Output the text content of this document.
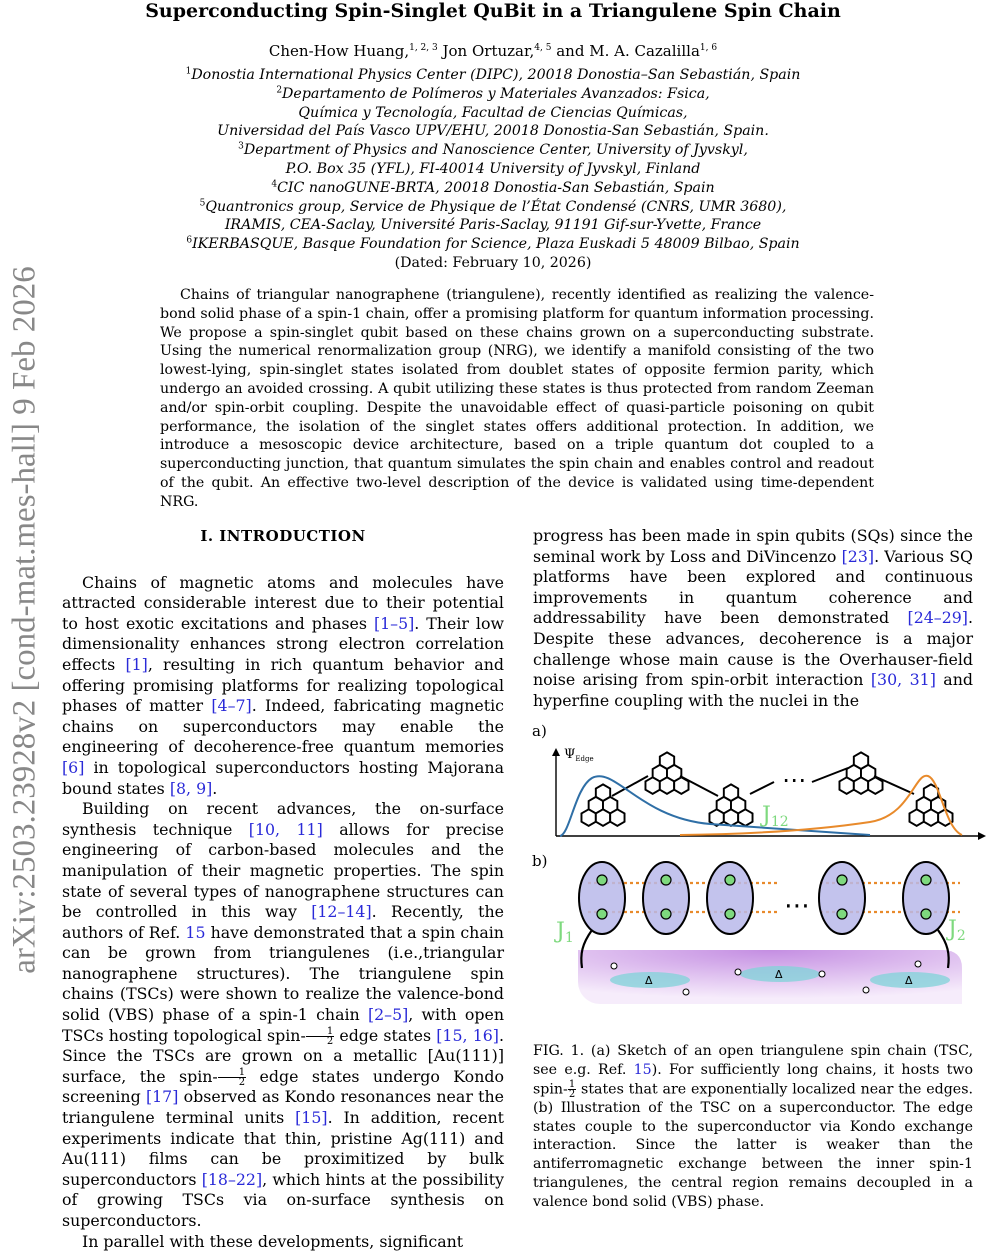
arXiv:2503.23928v2 [cond-mat.mes-hall] 9 Feb 2026
Superconducting Spin-Singlet QuBit in a Triangulene Spin Chain
Chen-How Huang,$^{1, 2, 3}$ Jon Ortuzar,$^{4, 5}$ and M. A. Cazalilla$^{1, 6}$
$^1$Donostia International Physics Center (DIPC), 20018 Donostia–San Sebastián, Spain
$^2$Departamento de Polímeros y Materiales Avanzados: Fsica,
Química y Tecnología, Facultad de Ciencias Químicas,
Universidad del País Vasco UPV/EHU, 20018 Donostia-San Sebastián, Spain.
$^3$Department of Physics and Nanoscience Center, University of Jyvskyl,
P.O. Box 35 (YFL), FI-40014 University of Jyvskyl, Finland
$^4$CIC nanoGUNE-BRTA, 20018 Donostia-San Sebastián, Spain
$^5$Quantronics group, Service de Physique de l’État Condensé (CNRS, UMR 3680),
IRAMIS, CEA-Saclay, Université Paris-Saclay, 91191 Gif-sur-Yvette, France
$^6$IKERBASQUE, Basque Foundation for Science, Plaza Euskadi 5 48009 Bilbao, Spain
(Dated: February 10, 2026)
Chains of triangular nanographene (triangulene), recently identified as realizing the valence-bond solid phase of a spin-1 chain, offer a promising platform for quantum information processing. We propose a spin-singlet qubit based on these chains grown on a superconducting substrate. Using the numerical renormalization group (NRG), we identify a manifold consisting of the two lowest-lying, spin-singlet states isolated from doublet states of opposite fermion parity, which undergo an avoided crossing. A qubit utilizing these states is thus protected from random Zeeman and/or spin-orbit coupling. Despite the unavoidable effect of quasi-particle poisoning on qubit performance, the isolation of the singlet states offers additional protection. In addition, we introduce a mesoscopic device architecture, based on a triple quantum dot coupled to a superconducting junction, that quantum simulates the spin chain and enables control and readout of the qubit. An effective two-level description of the device is validated using time-dependent NRG.
I. INTRODUCTION

Chains of magnetic atoms and molecules have attracted considerable interest due to their potential to host exotic excitations and phases [1–5]. Their low dimensionality enhances strong electron correlation effects [1], resulting in rich quantum behavior and offering promising platforms for realizing topological phases of matter [4–7]. Indeed, fabricating magnetic chains on superconductors may enable the engineering of decoherence-free quantum memories [6] in topological superconductors hosting Majorana bound states [8, 9].

Building on recent advances, the on-surface synthesis technique [10, 11] allows for precise engineering of carbon-based molecules and the manipulation of their magnetic properties. The spin state of several types of nanographene structures can be controlled in this way [12–14]. Recently, the authors of Ref. 15 have demonstrated that a spin chain can be grown from triangulenes (i.e.,triangular nanographene structures). The triangulene spin chains (TSCs) were shown to realize the valence-bond solid (VBS) phase of a spin-1 chain [2–5], with open TSCs hosting topological spin- $\frac{1}{2}$ edge states [15, 16]. Since the TSCs are grown on a metallic [Au(111)] surface, the spin- $\frac{1}{2}$ edge states undergo Kondo screening [17] observed as Kondo resonances near the triangulene terminal units [15]. In addition, recent experiments indicate that thin, pristine Ag(111) and Au(111) films can be proximitized by bulk superconductors [18–22], which hints at the possibility of growing TSCs via on-surface synthesis on superconductors.

In parallel with these developments, significant

progress has been made in spin qubits (SQs) since the seminal work by Loss and DiVincenzo [23]. Various SQ platforms have been explored and continuous improvements in quantum coherence and addressability have been demonstrated [24–29]. Despite these advances, decoherence is a major challenge whose main cause is the Overhauser-field noise arising from spin-orbit interaction [30, 31] and hyperfine coupling with the nuclei in the

a)
$\Psi_{Edge}$
⋯
J12
b)
Δ	Δ	Δ
⋯
J1	J2
FIG. 1. (a) Sketch of an open triangulene spin chain (TSC, see e.g. Ref. 15). For sufficiently long chains, it hosts two spin- $\frac{1}{2}$ states that are exponentially localized near the edges. (b) Illustration of the TSC on a superconductor. The edge states couple to the superconductor via Kondo exchange interaction. Since the latter is weaker than the antiferromagnetic exchange between the inner spin-1 triangulenes, the central region remains decoupled in a valence bond solid (VBS) phase.
